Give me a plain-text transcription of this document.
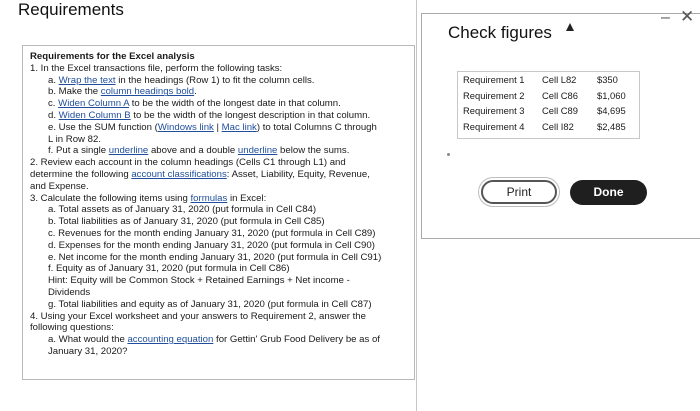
Requirements
Requirements for the Excel analysis
1. In the Excel transactions file, perform the following tasks:
a. Wrap the text in the headings (Row 1) to fit the column cells.
b. Make the column headings bold.
c. Widen Column A to be the width of the longest date in that column.
d. Widen Column B to be the width of the longest description in that column.
e. Use the SUM function (Windows link | Mac link) to total Columns C through
L in Row 82.
f. Put a single underline above and a double underline below the sums.
2. Review each account in the column headings (Cells C1 through L1) and
determine the following account classifications: Asset, Liability, Equity, Revenue,
and Expense.
3. Calculate the following items using formulas in Excel:
a. Total assets as of January 31, 2020 (put formula in Cell C84)
b. Total liabilities as of January 31, 2020 (put formula in Cell C85)
c. Revenues for the month ending January 31, 2020 (put formula in Cell C89)
d. Expenses for the month ending January 31, 2020 (put formula in Cell C90)
e. Net income for the month ending January 31, 2020 (put formula in Cell C91)
f. Equity as of January 31, 2020 (put formula in Cell C86)
Hint: Equity will be Common Stock + Retained Earnings + Net income -
Dividends
g. Total liabilities and equity as of January 31, 2020 (put formula in Cell C87)
4. Using your Excel worksheet and your answers to Requirement 2, answer the
following questions:
a. What would the accounting equation for Gettin' Grub Food Delivery be as of
January 31, 2020?
Check figures
– ✕
Requirement 1 Cell L82 $350
Requirement 2 Cell C86 $1,060
Requirement 3 Cell C89 $4,695
Requirement 4 Cell I82 $2,485
Print	Done
